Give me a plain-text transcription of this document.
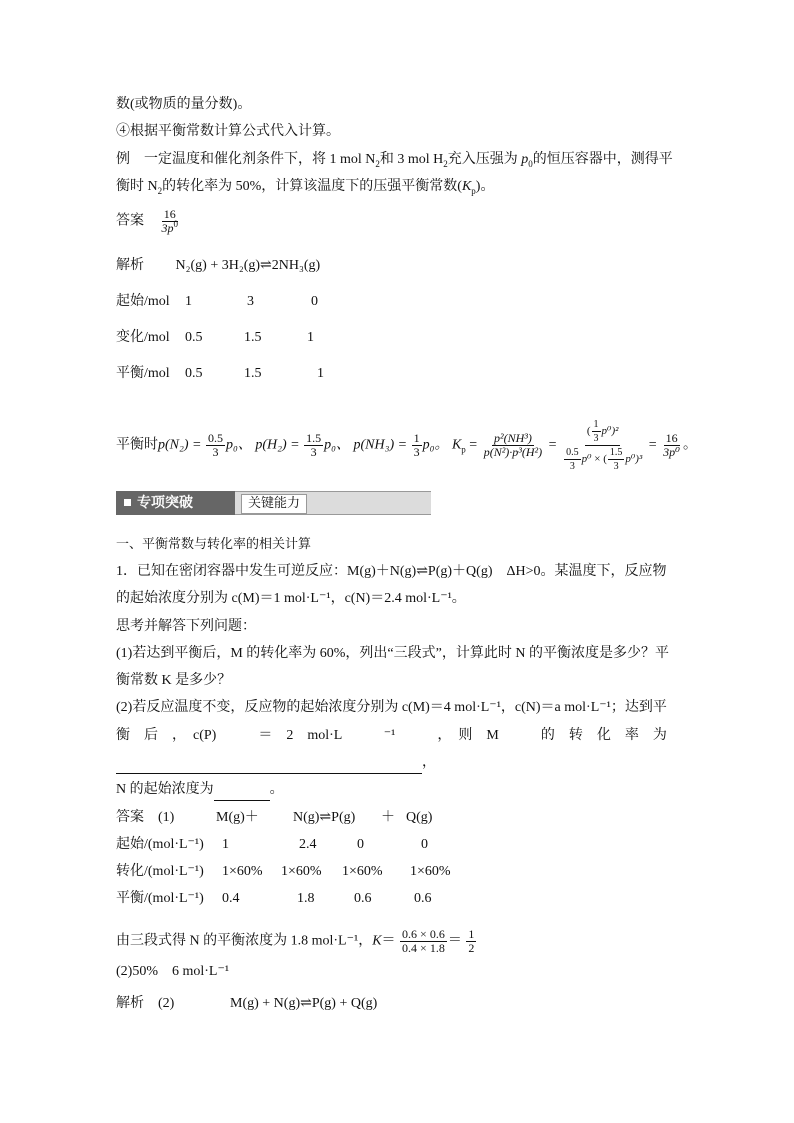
数(或物质的量分数)。
④根据平衡常数计算公式代入计算。
例　一定温度和催化剂条件下，将 1 mol $N_2$和 3 mol $H_2$充入压强为 $p_0$的恒压容器中，测得平
衡时 $N_2$的转化率为 50%，计算该温度下的压强平衡常数$(K_p)$。
答案 $\frac{16}{3p^0}$
解析 N₂(g) + 3H₂(g)⇌2NH₃(g)
起始/mol 1	3	0
变化/mol 0.5	1.5	1
平衡/mol 0.5	1.5	1
平衡时$p(N_2) = \frac{0.5}{3} p_0$、 $p(H_2) = \frac{1.5}{3} p_0$、 $p(NH_3) = \frac{1}{3} p_0$。 $K_p = \frac{\text{p²(NH³)}}{\text{p(N²)·p³(H²)}} = \frac{( \frac{1}{3} p^0)^2}{\frac{0.5}{3} p^0 \times ( \frac{1.5}{3} p^0)^3} = \frac{16}{\text{3p⁰}}$ 。
专项突破	关键能力
一、平衡常数与转化率的相关计算
1．已知在密闭容器中发生可逆反应：M(g)＋N(g)⇌P(g)＋Q(g)　ΔH>0。某温度下，反应物
的起始浓度分别为 c(M)＝1 mol·L⁻¹，c(N)＝2.4 mol·L⁻¹。
思考并解答下列问题：
(1)若达到平衡后，M 的转化率为 60%，列出“三段式”，计算此时 N 的平衡浓度是多少？平
衡常数 K 是多少？
(2)若反应温度不变，反应物的起始浓度分别为 c(M)＝4 mol·L⁻¹，c(N)＝a mol·L⁻¹；达到平
衡　后　，　c(P)　　　＝　2　mol·L　　　⁻¹　　　，　则　M　　　的　转　化　率　为
，
N 的起始浓度为	。
答案　(1)	M(g)＋ N(g)⇌P(g) ＋ Q(g)
起始/(mol·L⁻¹) 1	2.4	0	0
转化/(mol·L⁻¹) 1×60% 1×60% 1×60% 1×60%
平衡/(mol·L⁻¹) 0.4	1.8	0.6	0.6
由三段式得 N 的平衡浓度为 1.8 mol·L⁻¹，$K= \frac{0.6 \times 0.6}{0.4 \times 1.8} = \frac{1}{2}$
(2)50%　6 mol·L⁻¹
解析　(2)	M(g) + N(g)⇌P(g) + Q(g)
